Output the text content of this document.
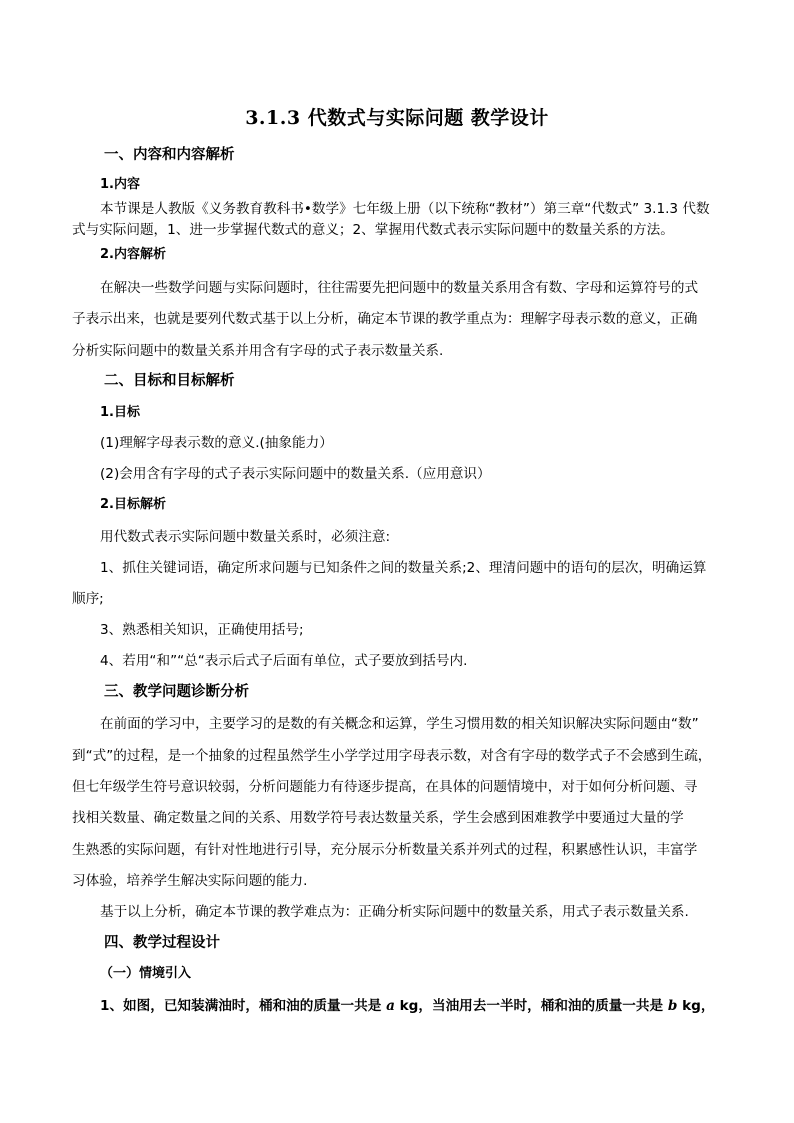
3.1.3 代数式与实际问题 教学设计
一、内容和内容解析
1.内容
本节课是人教版《义务教育教科书•数学》七年级上册（以下统称“教材”）第三章“代数式” 3.1.3 代数
式与实际问题，1、进一步掌握代数式的意义；2、掌握用代数式表示实际问题中的数量关系的方法。
2.内容解析
在解决一些数学问题与实际问题时，往往需要先把问题中的数量关系用含有数、字母和运算符号的式
子表示出来，也就是要列代数式基于以上分析，确定本节课的教学重点为：理解字母表示数的意义，正确
分析实际问题中的数量关系并用含有字母的式子表示数量关系.
二、目标和目标解析
1.目标
(1)理解字母表示数的意义.(抽象能力）
(2)会用含有字母的式子表示实际问题中的数量关系.（应用意识）
2.目标解析
用代数式表示实际问题中数量关系时，必须注意:
1、抓住关键词语，确定所求问题与已知条件之间的数量关系;2、理清问题中的语句的层次，明确运算
顺序;
3、熟悉相关知识，正确使用括号;
4、若用“和”“总“表示后式子后面有单位，式子要放到括号内.
三、教学问题诊断分析
在前面的学习中，主要学习的是数的有关概念和运算，学生习惯用数的相关知识解决实际问题由“数”
到“式”的过程，是一个抽象的过程虽然学生小学学过用字母表示数，对含有字母的数学式子不会感到生疏，
但七年级学生符号意识较弱，分析问题能力有待逐步提高，在具体的问题情境中，对于如何分析问题、寻
找相关数量、确定数量之间的关系、用数学符号表达数量关系，学生会感到困难教学中要通过大量的学
生熟悉的实际问题，有针对性地进行引导，充分展示分析数量关系并列式的过程，积累感性认识，丰富学
习体验，培养学生解决实际问题的能力.
基于以上分析，确定本节课的教学难点为：正确分析实际问题中的数量关系，用式子表示数量关系.
四、教学过程设计
（一）情境引入
1、如图，已知装满油时，桶和油的质量一共是 a kg，当油用去一半时，桶和油的质量一共是 b kg，
